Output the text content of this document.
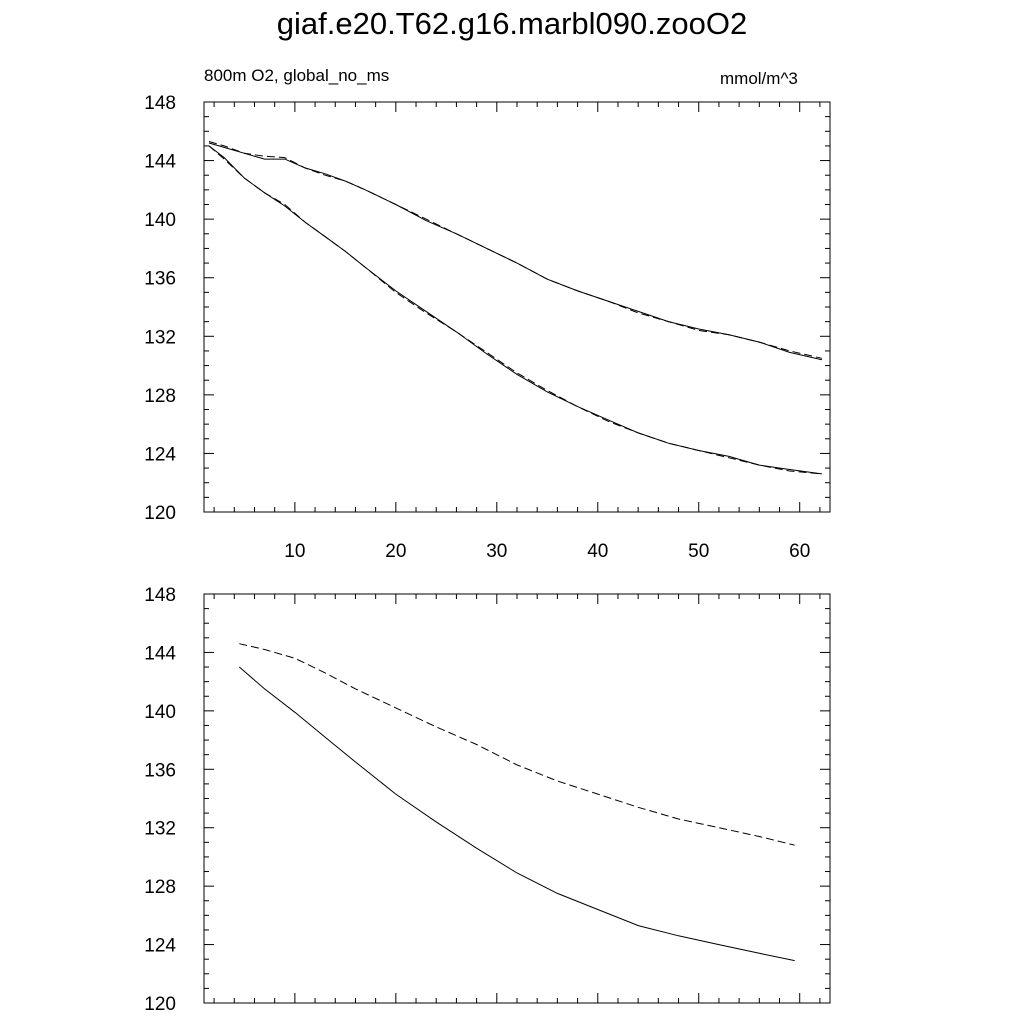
giaf.e20.T62.g16.marbl090.zooO2
800m O2, global_no_ms	mmol/m^3
120
124
128
132
136
140
144
148
10	20	30	40	50	60
120
124
128
132
136
140
144
148
